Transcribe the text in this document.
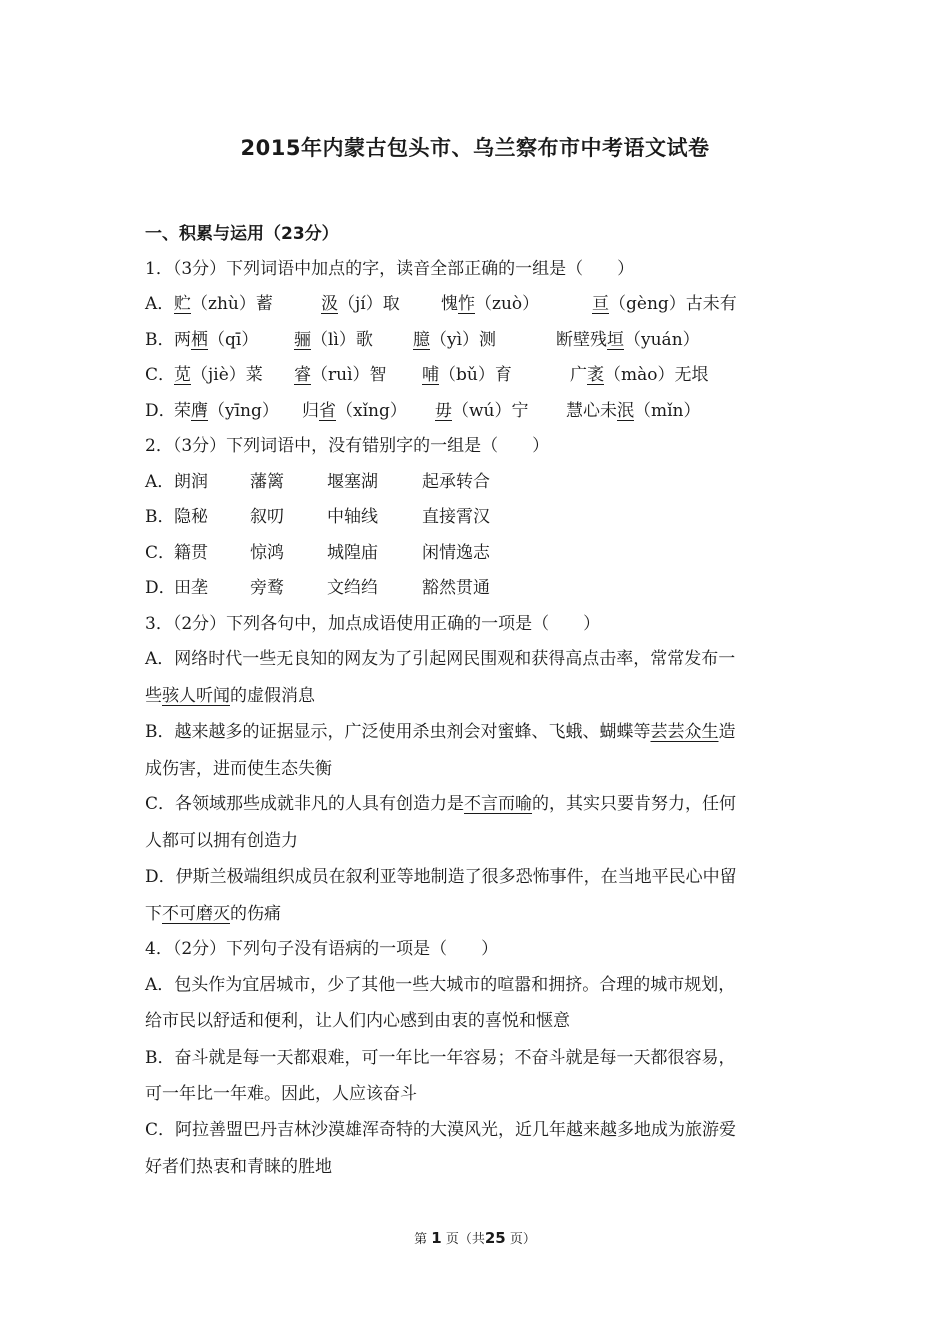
2015年内蒙古包头市、乌兰察布市中考语文试卷
一、积累与运用（23分）
1．（3分）下列词语中加点的字，读音全部正确的一组是（　　）
A． 贮（zhù）蓄	汲（jí）取 愧怍（zuò）	亘（gèng）古未有
B． 两栖（qī） 骊（lì）歌 臆（yì）测	断壁残垣（yuán）
C．
苋（jiè）菜 睿（ruì）智 哺（bǔ）育	广袤（mào）无垠
D．
荣膺（yīng） 归省（xǐng） 毋（wú）宁 慧心未泯（mǐn）
2．（3分）下列词语中，没有错别字的一组是（　　）
A． 朗润 藩篱	堰塞湖	起承转合
B． 隐秘 叙叨	中轴线	直接霄汉
C．
籍贯 惊鸿	城隍庙	闲情逸志
D．
田垄 旁鹜	文绉绉	豁然贯通
3．（2分）下列各句中，加点成语使用正确的一项是（　　）
A．网络时代一些无良知的网友为了引起网民围观和获得高点击率，常常发布一
些骇人听闻的虚假消息
B．越来越多的证据显示，广泛使用杀虫剂会对蜜蜂、飞蛾、蝴蝶等芸芸众生造
成伤害，进而使生态失衡
C．各领域那些成就非凡的人具有创造力是不言而喻的，其实只要肯努力，任何
人都可以拥有创造力
D．伊斯兰极端组织成员在叙利亚等地制造了很多恐怖事件，在当地平民心中留
下不可磨灭的伤痛
4．（2分）下列句子没有语病的一项是（　　）
A．包头作为宜居城市，少了其他一些大城市的喧嚣和拥挤。合理的城市规划，
给市民以舒适和便利，让人们内心感到由衷的喜悦和惬意
B．奋斗就是每一天都艰难，可一年比一年容易；不奋斗就是每一天都很容易，
可一年比一年难。因此，人应该奋斗
C．阿拉善盟巴丹吉林沙漠雄浑奇特的大漠风光，近几年越来越多地成为旅游爱
好者们热衷和青睐的胜地
第 1 页（共25 页）
